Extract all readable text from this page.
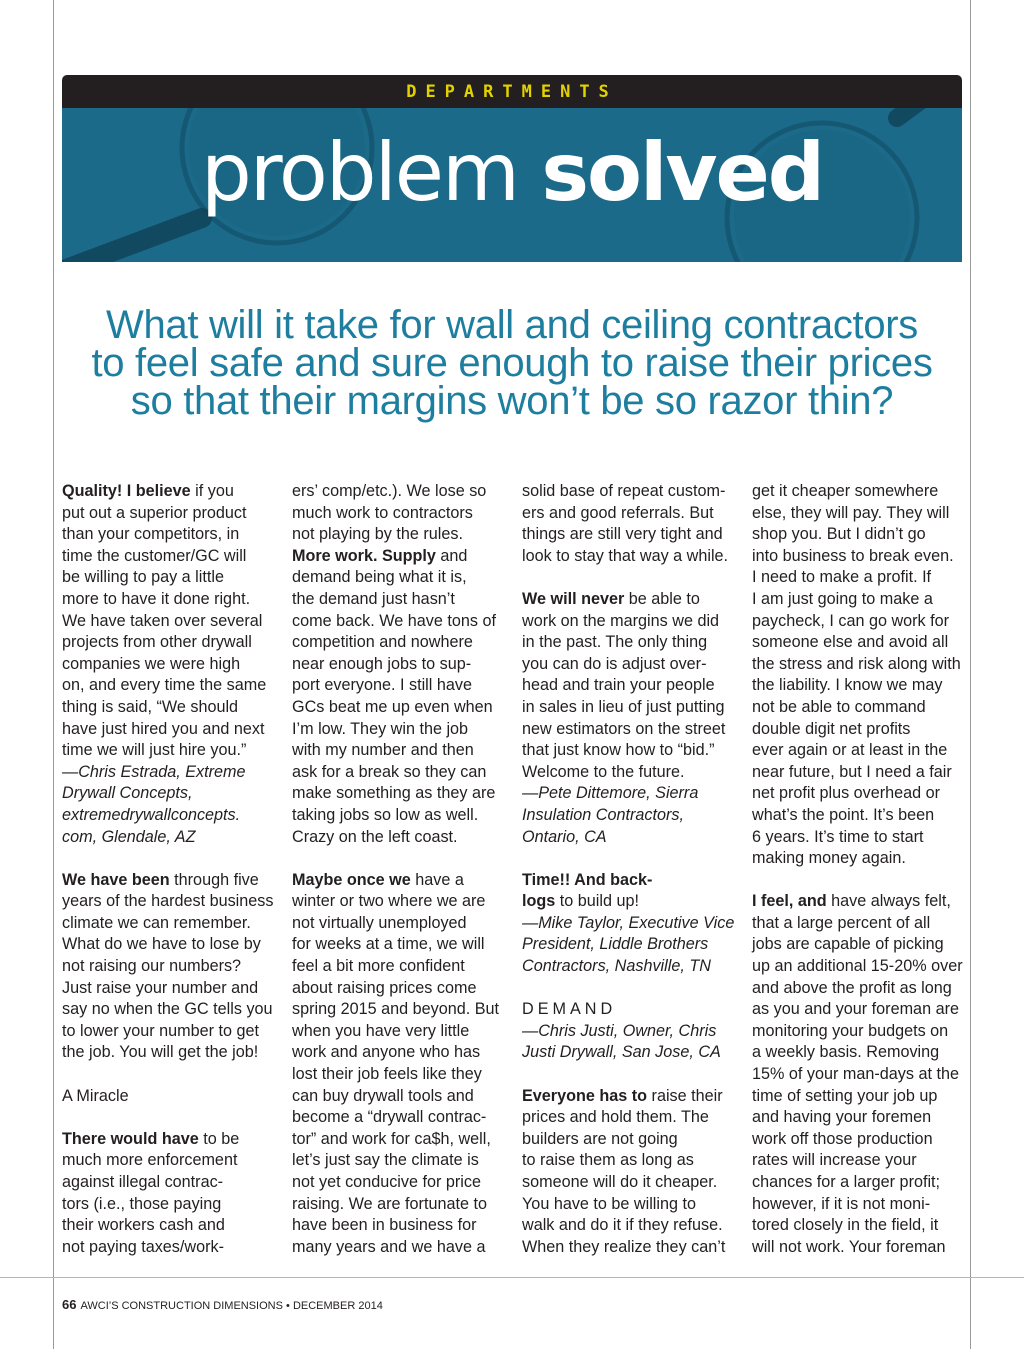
DEPARTMENTS
problem solved
What will it take for wall and ceiling contractors
to feel safe and sure enough to raise their prices
so that their margins won’t be so razor thin?

Quality! I believe if you
put out a superior product
than your competitors, in
time the customer/GC will
be willing to pay a little
more to have it done right.
We have taken over several
projects from other drywall
companies we were high
on, and every time the same
thing is said, “We should
have just hired you and next
time we will just hire you.”
—Chris Estrada, Extreme
Drywall Concepts,
extremedrywallconcepts.
com, Glendale, AZ

We have been through five
years of the hardest business
climate we can remember.
What do we have to lose by
not raising our numbers?
Just raise your number and
say no when the GC tells you
to lower your number to get
the job. You will get the job!

A Miracle

There would have to be
much more enforcement
against illegal contrac-
tors (i.e., those paying
their workers cash and
not paying taxes/work-

ers’ comp/etc.). We lose so
much work to contractors
not playing by the rules.
More work. Supply and
demand being what it is,
the demand just hasn’t
come back. We have tons of
competition and nowhere
near enough jobs to sup-
port everyone. I still have
GCs beat me up even when
I’m low. They win the job
with my number and then
ask for a break so they can
make something as they are
taking jobs so low as well.
Crazy on the left coast.

Maybe once we have a
winter or two where we are
not virtually unemployed
for weeks at a time, we will
feel a bit more confident
about raising prices come
spring 2015 and beyond. But
when you have very little
work and anyone who has
lost their job feels like they
can buy drywall tools and
become a “drywall contrac-
tor” and work for ca$h, well,
let’s just say the climate is
not yet conducive for price
raising. We are fortunate to
have been in business for
many years and we have a

solid base of repeat custom-
ers and good referrals. But
things are still very tight and
look to stay that way a while.

We will never be able to
work on the margins we did
in the past. The only thing
you can do is adjust over-
head and train your people
in sales in lieu of just putting
new estimators on the street
that just know how to “bid.”
Welcome to the future.
—Pete Dittemore, Sierra
Insulation Contractors,
Ontario, CA

Time!! And back-
logs to build up!
—Mike Taylor, Executive Vice
President, Liddle Brothers
Contractors, Nashville, TN

DEMAND
—Chris Justi, Owner, Chris
Justi Drywall, San Jose, CA

Everyone has to raise their
prices and hold them. The
builders are not going
to raise them as long as
someone will do it cheaper.
You have to be willing to
walk and do it if they refuse.
When they realize they can’t

get it cheaper somewhere
else, they will pay. They will
shop you. But I didn’t go
into business to break even.
I need to make a profit. If
I am just going to make a
paycheck, I can go work for
someone else and avoid all
the stress and risk along with
the liability. I know we may
not be able to command
double digit net profits
ever again or at least in the
near future, but I need a fair
net profit plus overhead or
what’s the point. It’s been
6 years. It’s time to start
making money again.

I feel, and have always felt,
that a large percent of all
jobs are capable of picking
up an additional 15-20% over
and above the profit as long
as you and your foreman are
monitoring your budgets on
a weekly basis. Removing
15% of your man-days at the
time of setting your job up
and having your foremen
work off those production
rates will increase your
chances for a larger profit;
however, if it is not moni-
tored closely in the field, it
will not work. Your foreman

66 AWCI’S CONSTRUCTION DIMENSIONS • DECEMBER 2014
